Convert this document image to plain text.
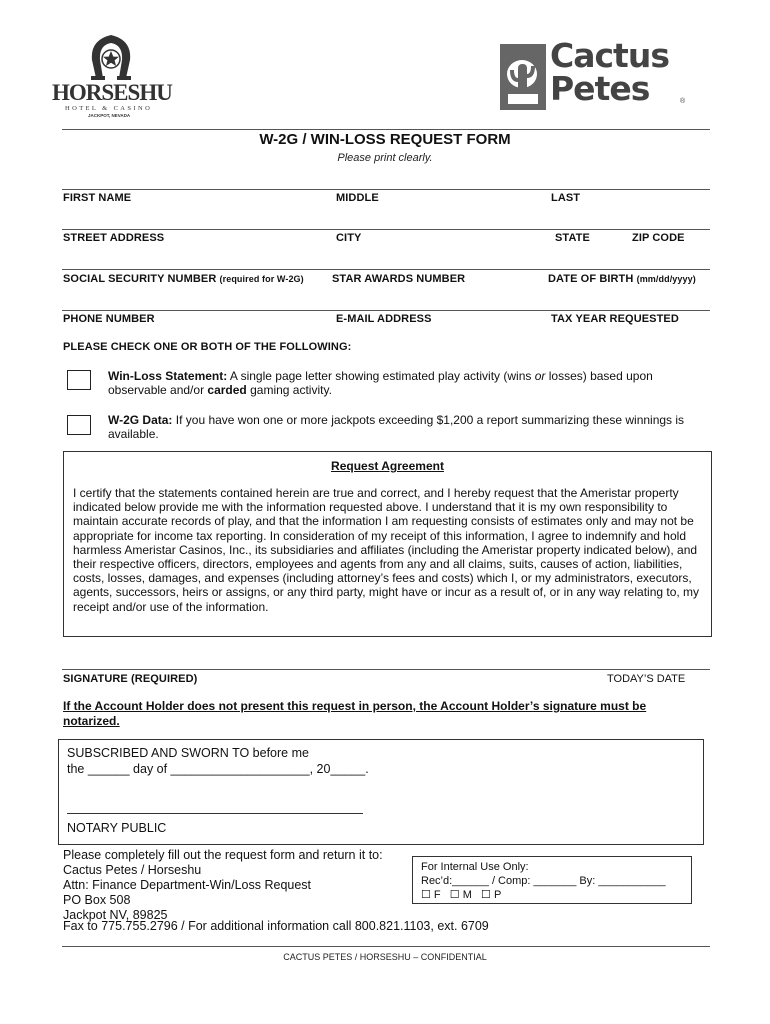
HORSESHU
HOTEL & CASINO
JACKPOT, NEVADA
Cactus
Petes	®
W-2G / WIN-LOSS REQUEST FORM
Please print clearly.
FIRST NAME	MIDDLE	LAST
STREET ADDRESS	CITY	STATE	ZIP CODE
SOCIAL SECURITY NUMBER (required for W-2G)	STAR AWARDS NUMBER	DATE OF BIRTH (mm/dd/yyyy)
PHONE NUMBER	E-MAIL ADDRESS	TAX YEAR REQUESTED
PLEASE CHECK ONE OR BOTH OF THE FOLLOWING:
Win-Loss Statement: A single page letter showing estimated play activity (wins or losses) based upon observable and/or carded gaming activity.
W-2G Data: If you have won one or more jackpots exceeding $1,200 a report summarizing these winnings is available.
Request Agreement
I certify that the statements contained herein are true and correct, and I hereby request that the Ameristar property indicated below provide me with the information requested above. I understand that it is my own responsibility to maintain accurate records of play, and that the information I am requesting consists of estimates only and may not be appropriate for income tax reporting. In consideration of my receipt of this information, I agree to indemnify and hold harmless Ameristar Casinos, Inc., its subsidiaries and affiliates (including the Ameristar property indicated below), and their respective officers, directors, employees and agents from any and all claims, suits, causes of action, liabilities, costs, losses, damages, and expenses (including attorney’s fees and costs) which I, or my administrators, executors, agents, successors, heirs or assigns, or any third party, might have or incur as a result of, or in any way relating to, my receipt and/or use of the information.
SIGNATURE (REQUIRED)	TODAY’S DATE
If the Account Holder does not present this request in person, the Account Holder’s signature must be notarized.
SUBSCRIBED AND SWORN TO before me
the ______ day of ____________________, 20_____.
NOTARY PUBLIC
Please completely fill out the request form and return it to:
Cactus Petes / Horseshu
Attn: Finance Department-Win/Loss Request
PO Box 508
Jackpot NV, 89825
Fax to 775.755.2796 / For additional information call 800.821.1103, ext. 6709
For Internal Use Only:
Rec’d:______ / Comp: _______ By: ___________
☐ F   ☐ M   ☐ P
CACTUS PETES / HORSESHU – CONFIDENTIAL
